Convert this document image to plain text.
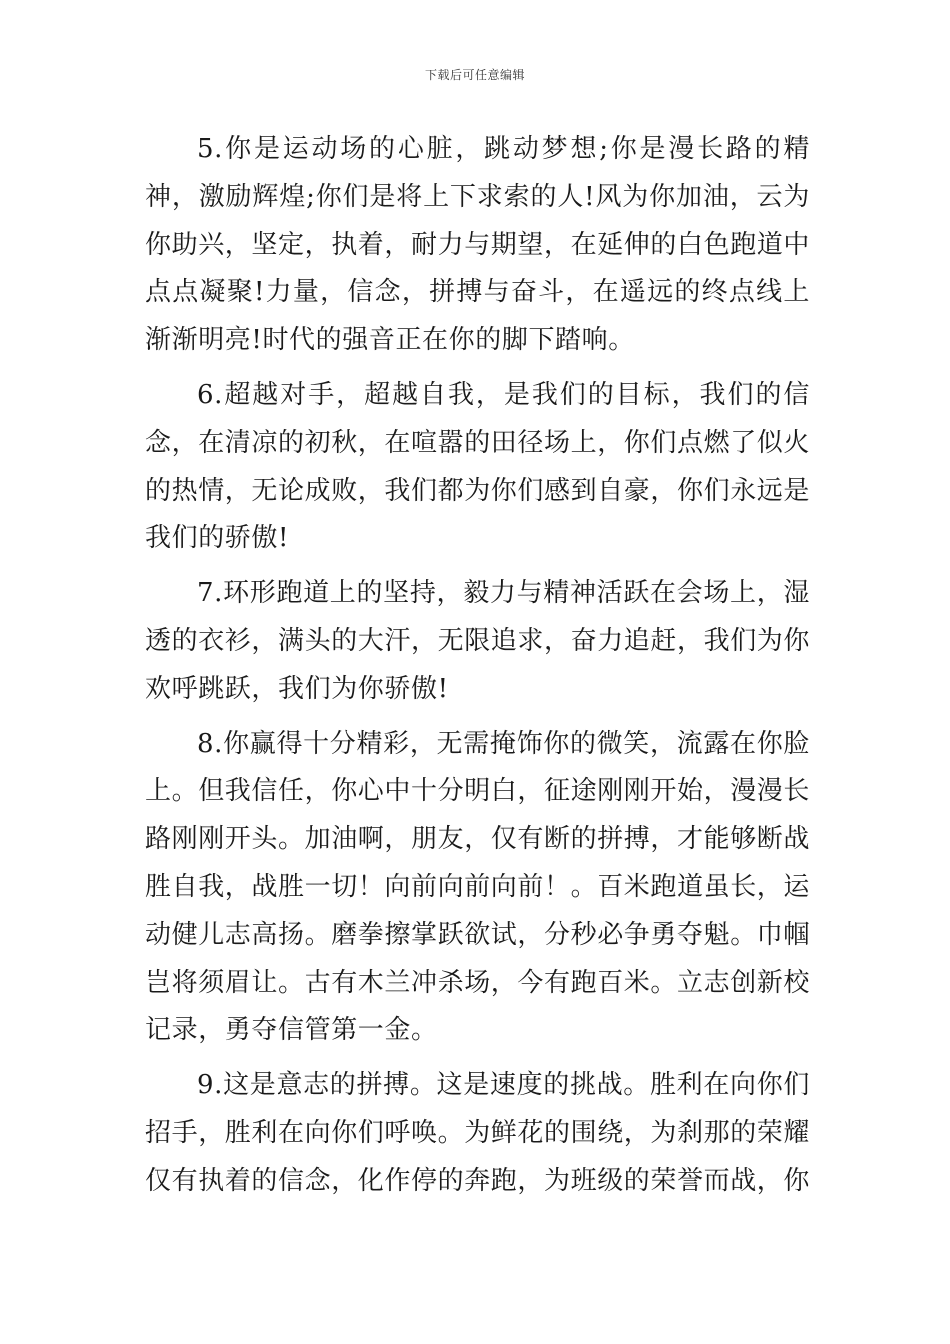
下载后可任意编辑

5.你是运动场的心脏，跳动梦想;你是漫长路的精神，激励辉煌;你们是将上下求索的人!风为你加油，云为你助兴，坚定，执着，耐力与期望，在延伸的白色跑道中点点凝聚!力量，信念，拼搏与奋斗，在遥远的终点线上渐渐明亮!时代的强音正在你的脚下踏响。

6.超越对手，超越自我，是我们的目标，我们的信念，在清凉的初秋，在喧嚣的田径场上，你们点燃了似火的热情，无论成败，我们都为你们感到自豪，你们永远是我们的骄傲!

7.环形跑道上的坚持，毅力与精神活跃在会场上，湿透的衣衫，满头的大汗，无限追求，奋力追赶，我们为你欢呼跳跃，我们为你骄傲!

8.你赢得十分精彩，无需掩饰你的微笑，流露在你脸上。但我信任，你心中十分明白，征途刚刚开始，漫漫长路刚刚开头。加油啊，朋友，仅有断的拼搏，才能够断战胜自我，战胜一切！向前向前向前！。百米跑道虽长，运动健儿志高扬。磨拳擦掌跃欲试，分秒必争勇夺魁。巾帼岂将须眉让。古有木兰冲杀场，今有跑百米。立志创新校记录，勇夺信管第一金。

9.这是意志的拼搏。这是速度的挑战。胜利在向你们招手，胜利在向你们呼唤。为鲜花的围绕，为刹那的荣耀仅有执着的信念，化作停的奔跑，为班级的荣誉而战，你
